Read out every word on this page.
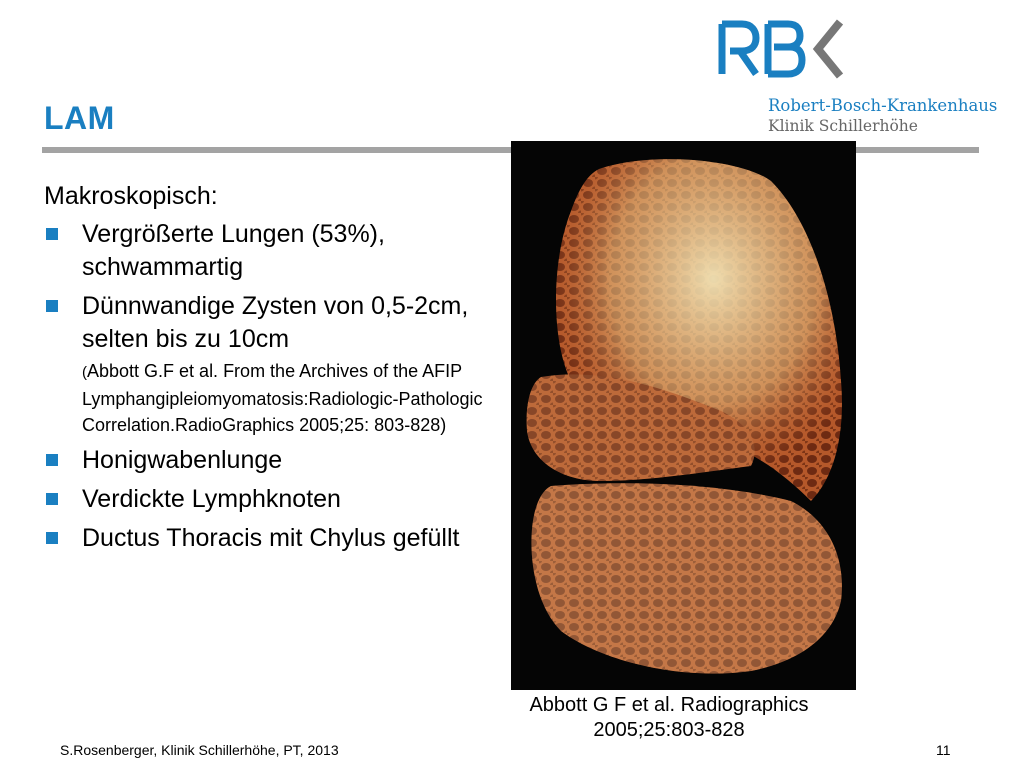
Robert-Bosch-Krankenhaus
Klinik Schillerhöhe
LAM
Makroskopisch:
Vergrößerte Lungen (53%), schwammartig
Dünnwandige Zysten von 0,5-2cm, selten bis zu 10cm
(Abbott G.F et al. From the Archives of the AFIP Lymphangipleiomyomatosis:Radiologic-Pathologic Correlation.RadioGraphics 2005;25: 803-828)
Honigwabenlunge
Verdickte Lymphknoten
Ductus Thoracis mit Chylus gefüllt
Abbott G F et al. Radiographics 2005;25:803-828
S.Rosenberger, Klinik Schillerhöhe, PT, 2013	11
